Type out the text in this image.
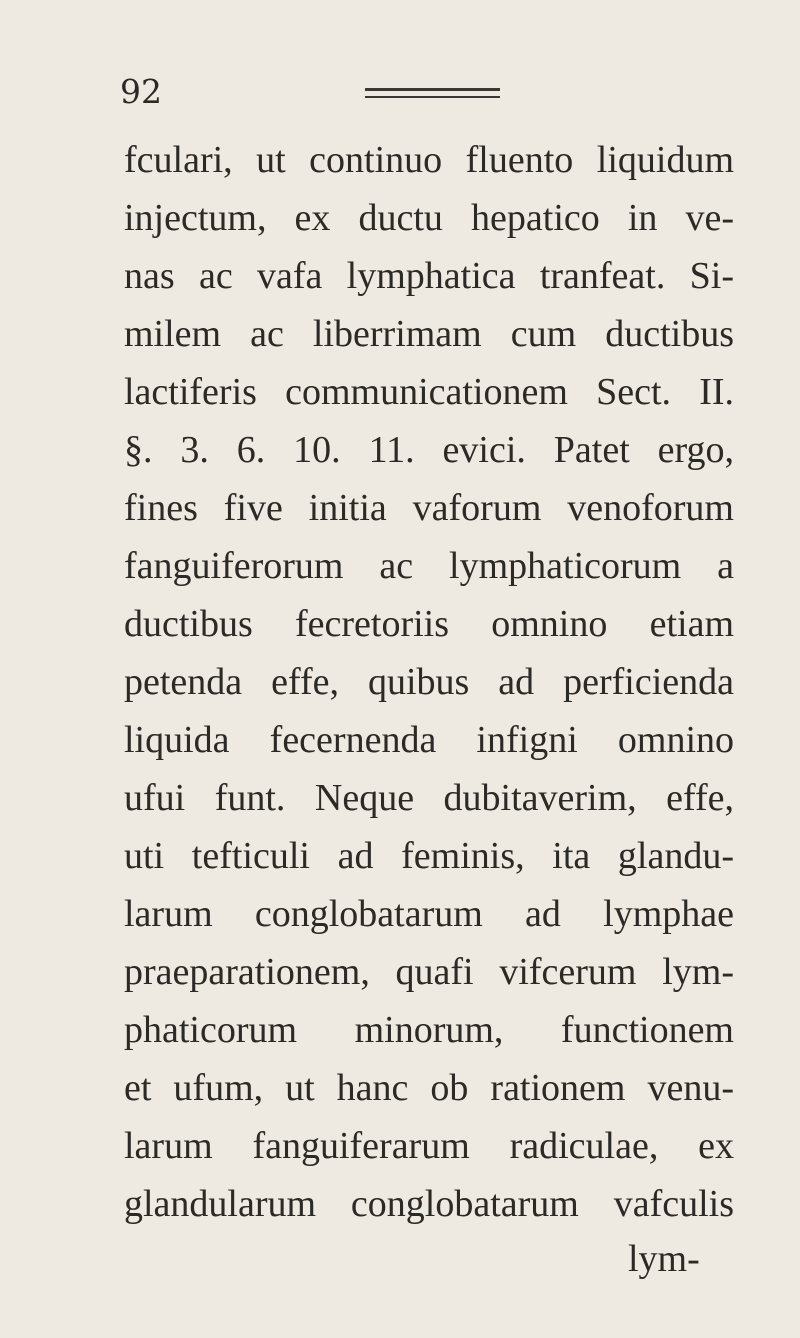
92
fculari, ut continuo fluento liquidum
injectum, ex ductu hepatico in ve-
nas ac vafa lymphatica tranfeat. Si-
milem ac liberrimam cum ductibus
lactiferis communicationem Sect. II.
§. 3. 6. 10. 11. evici. Patet ergo,
fines five initia vaforum venoforum
fanguiferorum ac lymphaticorum a
ductibus fecretoriis omnino etiam
petenda effe, quibus ad perficienda
liquida fecernenda infigni omnino
ufui funt. Neque dubitaverim, effe,
uti tefticuli ad feminis, ita glandu-
larum conglobatarum ad lymphae
praeparationem, quafi vifcerum lym-
phaticorum minorum, functionem
et ufum, ut hanc ob rationem venu-
larum fanguiferarum radiculae, ex
glandularum conglobatarum vafculis
lym-
